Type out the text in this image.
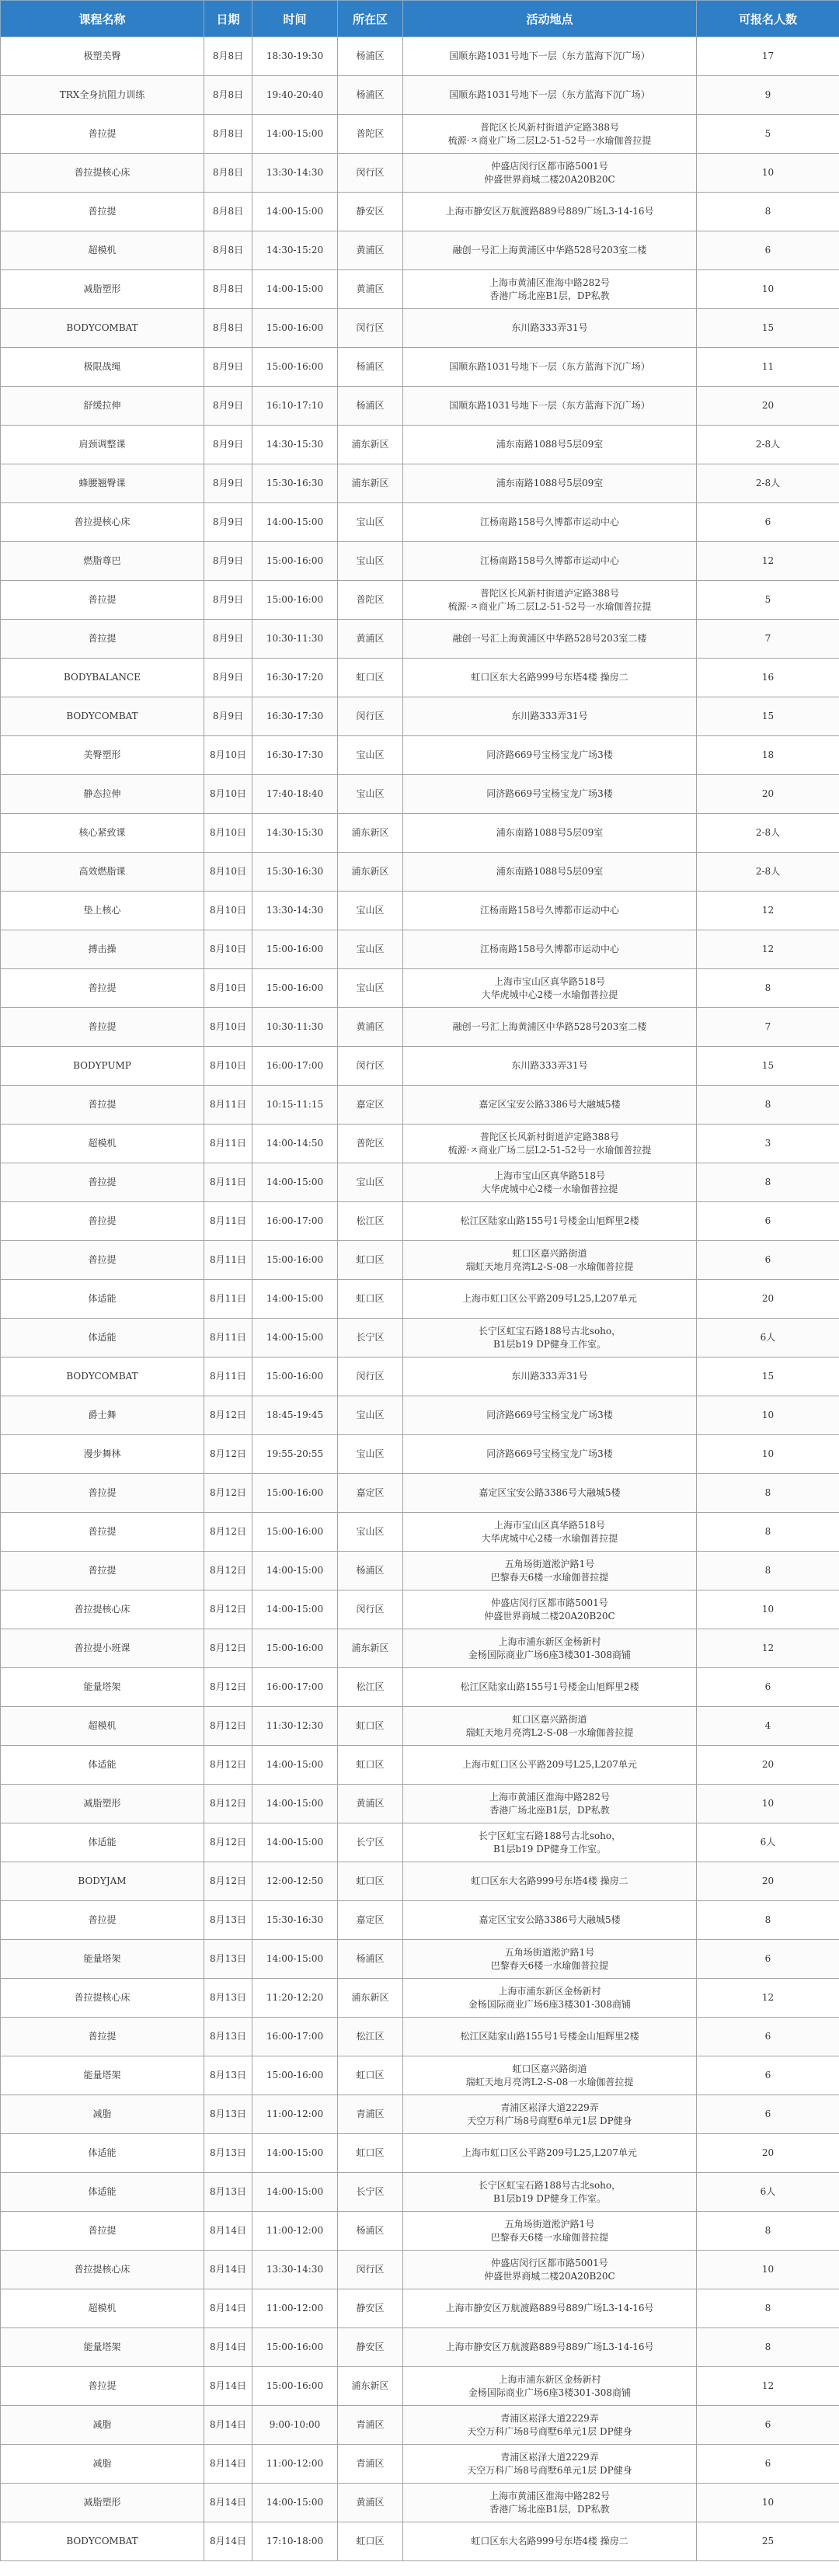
课程名称	日期	时间	所在区	活动地点	可报名人数
极塑美臀	8月8日	18:30-19:30	杨浦区	国顺东路1031号地下一层（东方蓝海下沉广场）	17
TRX全身抗阻力训练	8月8日	19:40-20:40	杨浦区	国顺东路1031号地下一层（东方蓝海下沉广场）	9
普拉提	8月8日	14:00-15:00	普陀区	普陀区长风新村街道泸定路388号
梳源·ㅈ商业广场二层L2-51-52号一水瑜伽普拉提	5
普拉提核心床	8月8日	13:30-14:30	闵行区	仲盛店闵行区都市路5001号
仲盛世界商城二楼20A20B20C	10
普拉提	8月8日	14:00-15:00	静安区	上海市静安区万航渡路889号889广场L3-14-16号	8
超模机	8月8日	14:30-15:20	黄浦区	融创一号汇上海黄浦区中华路528号203室二楼	6
减脂塑形	8月8日	14:00-15:00	黄浦区	上海市黄浦区淮海中路282号
香港广场北座B1层，DP私教	10
BODYCOMBAT	8月8日	15:00-16:00	闵行区	东川路333弄31号	15
极限战绳	8月9日	15:00-16:00	杨浦区	国顺东路1031号地下一层（东方蓝海下沉广场）	11
舒缓拉伸	8月9日	16:10-17:10	杨浦区	国顺东路1031号地下一层（东方蓝海下沉广场）	20
肩颈调整课	8月9日	14:30-15:30	浦东新区	浦东南路1088号5层09室	2-8人
蜂腰翘臀课	8月9日	15:30-16:30	浦东新区	浦东南路1088号5层09室	2-8人
普拉提核心床	8月9日	14:00-15:00	宝山区	江杨南路158号久博都市运动中心	6
燃脂尊巴	8月9日	15:00-16:00	宝山区	江杨南路158号久博都市运动中心	12
普拉提	8月9日	15:00-16:00	普陀区	普陀区长风新村街道泸定路388号
梳源·ㅈ商业广场二层L2-51-52号一水瑜伽普拉提	5
普拉提	8月9日	10:30-11:30	黄浦区	融创一号汇上海黄浦区中华路528号203室二楼	7
BODYBALANCE	8月9日	16:30-17:20	虹口区	虹口区东大名路999号东塔4楼 操房二	16
BODYCOMBAT	8月9日	16:30-17:30	闵行区	东川路333弄31号	15
美臀塑形	8月10日	16:30-17:30	宝山区	同济路669号宝杨宝龙广场3楼	18
静态拉伸	8月10日	17:40-18:40	宝山区	同济路669号宝杨宝龙广场3楼	20
核心紧致课	8月10日	14:30-15:30	浦东新区	浦东南路1088号5层09室	2-8人
高效燃脂课	8月10日	15:30-16:30	浦东新区	浦东南路1088号5层09室	2-8人
垫上核心	8月10日	13:30-14:30	宝山区	江杨南路158号久博都市运动中心	12
搏击操	8月10日	15:00-16:00	宝山区	江杨南路158号久博都市运动中心	12
普拉提	8月10日	15:00-16:00	宝山区	上海市宝山区真华路518号
大华虎城中心2楼一水瑜伽普拉提	8
普拉提	8月10日	10:30-11:30	黄浦区	融创一号汇上海黄浦区中华路528号203室二楼	7
BODYPUMP	8月10日	16:00-17:00	闵行区	东川路333弄31号	15
普拉提	8月11日	10:15-11:15	嘉定区	嘉定区宝安公路3386号大融城5楼	8
超模机	8月11日	14:00-14:50	普陀区	普陀区长风新村街道泸定路388号
梳源·ㅈ商业广场二层L2-51-52号一水瑜伽普拉提	3
普拉提	8月11日	14:00-15:00	宝山区	上海市宝山区真华路518号
大华虎城中心2楼一水瑜伽普拉提	8
普拉提	8月11日	16:00-17:00	松江区	松江区陆家山路155号1号楼金山旭辉里2楼	6
普拉提	8月11日	15:00-16:00	虹口区	虹口区嘉兴路街道
瑞虹天地月亮湾L2-S-08一水瑜伽普拉提	6
体适能	8月11日	14:00-15:00	虹口区	上海市虹口区公平路209号L25,L207单元	20
体适能	8月11日	14:00-15:00	长宁区	长宁区虹宝石路188号古北soho，
B1层b19 DP健身工作室。	6人
BODYCOMBAT	8月11日	15:00-16:00	闵行区	东川路333弄31号	15
爵士舞	8月12日	18:45-19:45	宝山区	同济路669号宝杨宝龙广场3楼	10
漫步舞林	8月12日	19:55-20:55	宝山区	同济路669号宝杨宝龙广场3楼	10
普拉提	8月12日	15:00-16:00	嘉定区	嘉定区宝安公路3386号大融城5楼	8
普拉提	8月12日	15:00-16:00	宝山区	上海市宝山区真华路518号
大华虎城中心2楼一水瑜伽普拉提	8
普拉提	8月12日	14:00-15:00	杨浦区	五角场街道淞沪路1号
巴黎春天6楼一水瑜伽普拉提	8
普拉提核心床	8月12日	14:00-15:00	闵行区	仲盛店闵行区都市路5001号
仲盛世界商城二楼20A20B20C	10
普拉提小班课	8月12日	15:00-16:00	浦东新区	上海市浦东新区金杨新村
金杨国际商业广场6座3楼301-308商铺	12
能量塔架	8月12日	16:00-17:00	松江区	松江区陆家山路155号1号楼金山旭辉里2楼	6
超模机	8月12日	11:30-12:30	虹口区	虹口区嘉兴路街道
瑞虹天地月亮湾L2-S-08一水瑜伽普拉提	4
体适能	8月12日	14:00-15:00	虹口区	上海市虹口区公平路209号L25,L207单元	20
减脂塑形	8月12日	14:00-15:00	黄浦区	上海市黄浦区淮海中路282号
香港广场北座B1层，DP私教	10
体适能	8月12日	14:00-15:00	长宁区	长宁区虹宝石路188号古北soho，
B1层b19 DP健身工作室。	6人
BODYJAM	8月12日	12:00-12:50	虹口区	虹口区东大名路999号东塔4楼 操房二	20
普拉提	8月13日	15:30-16:30	嘉定区	嘉定区宝安公路3386号大融城5楼	8
能量塔架	8月13日	14:00-15:00	杨浦区	五角场街道淞沪路1号
巴黎春天6楼一水瑜伽普拉提	6
普拉提核心床	8月13日	11:20-12:20	浦东新区	上海市浦东新区金杨新村
金杨国际商业广场6座3楼301-308商铺	12
普拉提	8月13日	16:00-17:00	松江区	松江区陆家山路155号1号楼金山旭辉里2楼	6
能量塔架	8月13日	15:00-16:00	虹口区	虹口区嘉兴路街道
瑞虹天地月亮湾L2-S-08一水瑜伽普拉提	6
减脂	8月13日	11:00-12:00	青浦区	青浦区崧泽大道2229弄
天空万科广场8号商墅6单元1层 DP健身	6
体适能	8月13日	14:00-15:00	虹口区	上海市虹口区公平路209号L25,L207单元	20
体适能	8月13日	14:00-15:00	长宁区	长宁区虹宝石路188号古北soho，
B1层b19 DP健身工作室。	6人
普拉提	8月14日	11:00-12:00	杨浦区	五角场街道淞沪路1号
巴黎春天6楼一水瑜伽普拉提	8
普拉提核心床	8月14日	13:30-14:30	闵行区	仲盛店闵行区都市路5001号
仲盛世界商城二楼20A20B20C	10
超模机	8月14日	11:00-12:00	静安区	上海市静安区万航渡路889号889广场L3-14-16号	8
能量塔架	8月14日	15:00-16:00	静安区	上海市静安区万航渡路889号889广场L3-14-16号	8
普拉提	8月14日	15:00-16:00	浦东新区	上海市浦东新区金杨新村
金杨国际商业广场6座3楼301-308商铺	12
减脂	8月14日	9:00-10:00	青浦区	青浦区崧泽大道2229弄
天空万科广场8号商墅6单元1层 DP健身	6
减脂	8月14日	11:00-12:00	青浦区	青浦区崧泽大道2229弄
天空万科广场8号商墅6单元1层 DP健身	6
减脂塑形	8月14日	14:00-15:00	黄浦区	上海市黄浦区淮海中路282号
香港广场北座B1层，DP私教	10
BODYCOMBAT	8月14日	17:10-18:00	虹口区	虹口区东大名路999号东塔4楼 操房二	25
